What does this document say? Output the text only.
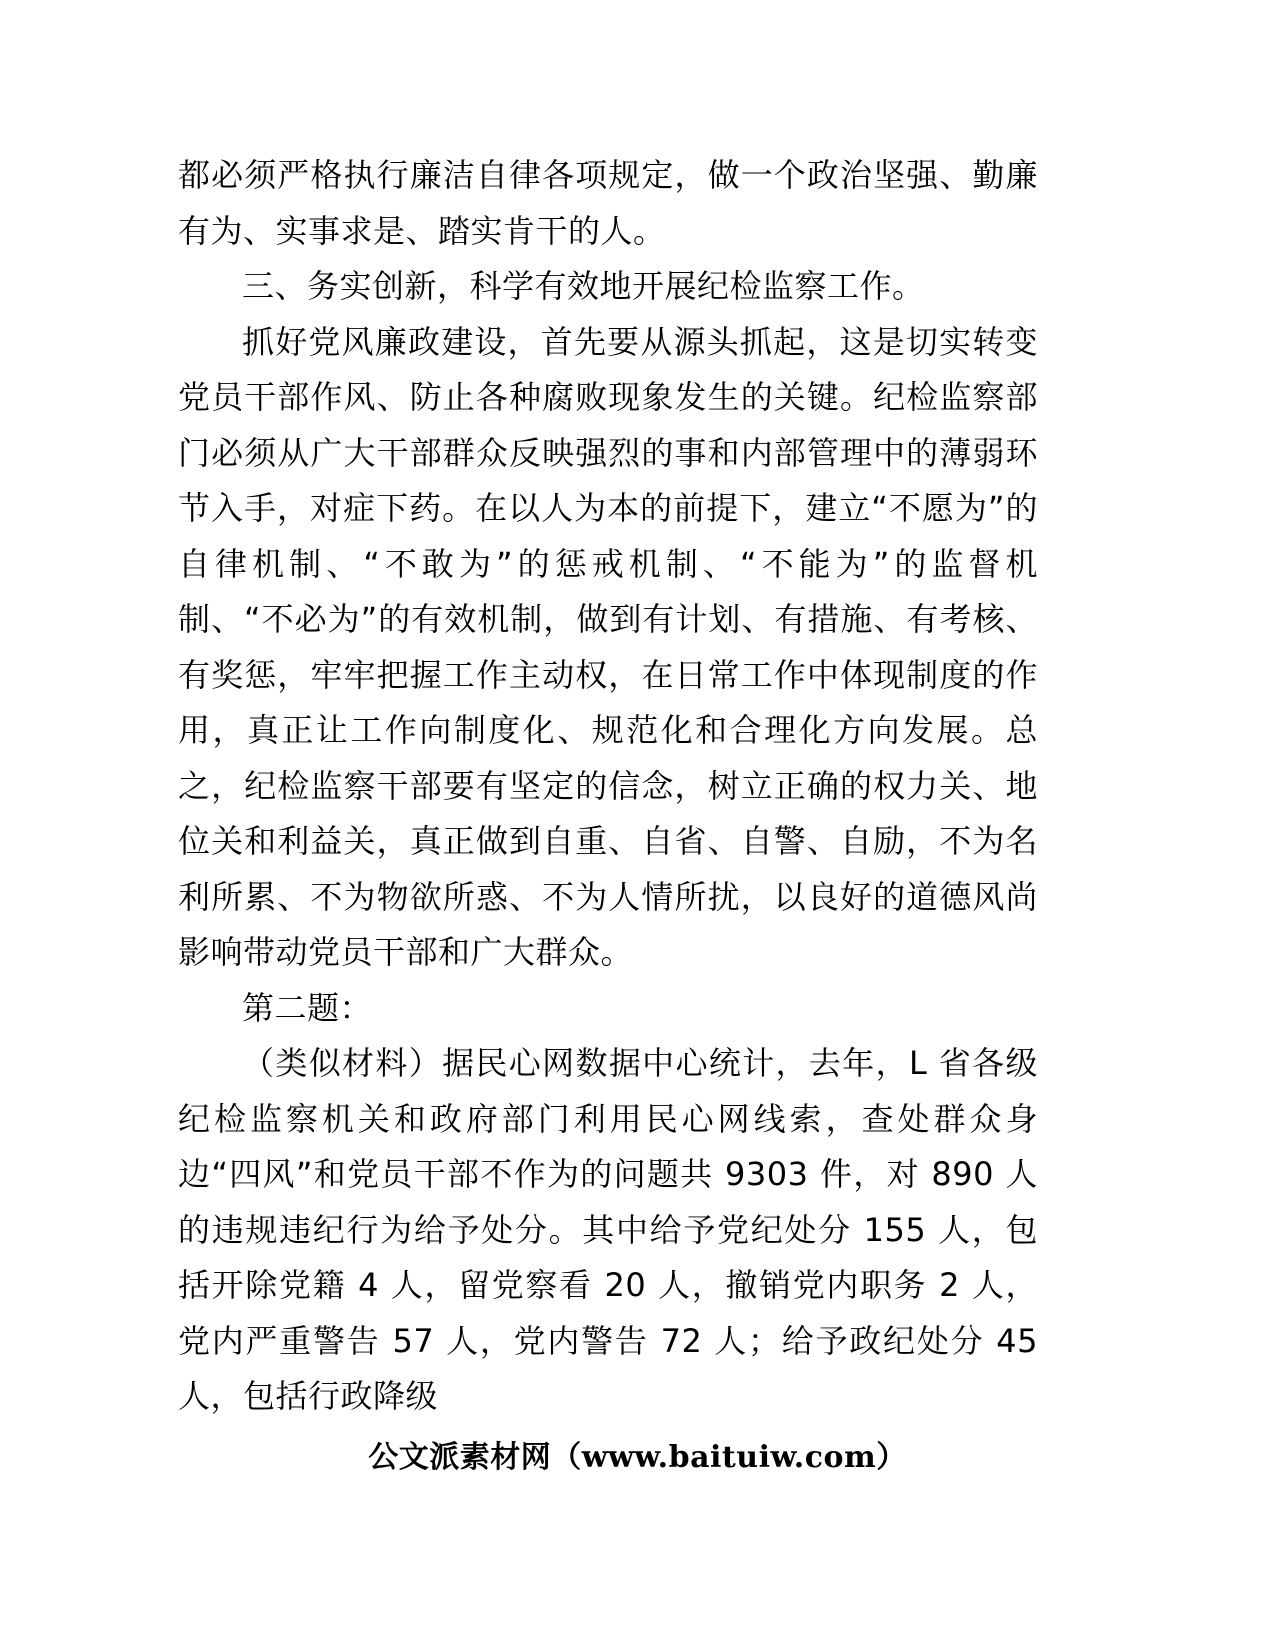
都必须严格执行廉洁自律各项规定，做一个政治坚强、勤廉有为、实事求是、踏实肯干的人。

三、务实创新，科学有效地开展纪检监察工作。

抓好党风廉政建设，首先要从源头抓起，这是切实转变党员干部作风、防止各种腐败现象发生的关键。纪检监察部门必须从广大干部群众反映强烈的事和内部管理中的薄弱环节入手，对症下药。在以人为本的前提下，建立“不愿为”的自律机制、“不敢为”的惩戒机制、“不能为”的监督机制、“不必为”的有效机制，做到有计划、有措施、有考核、有奖惩，牢牢把握工作主动权，在日常工作中体现制度的作用，真正让工作向制度化、规范化和合理化方向发展。总之，纪检监察干部要有坚定的信念，树立正确的权力关、地位关和利益关，真正做到自重、自省、自警、自励，不为名利所累、不为物欲所惑、不为人情所扰，以良好的道德风尚影响带动党员干部和广大群众。

第二题：

（类似材料）据民心网数据中心统计，去年，L 省各级纪检监察机关和政府部门利用民心网线索，查处群众身边“四风”和党员干部不作为的问题共 9303 件，对 890 人的违规违纪行为给予处分。其中给予党纪处分 155 人，包括开除党籍 4 人，留党察看 20 人，撤销党内职务 2 人，党内严重警告 57 人，党内警告 72 人；给予政纪处分 45 人，包括行政降级

公文派素材网（www.baituiw.com）
